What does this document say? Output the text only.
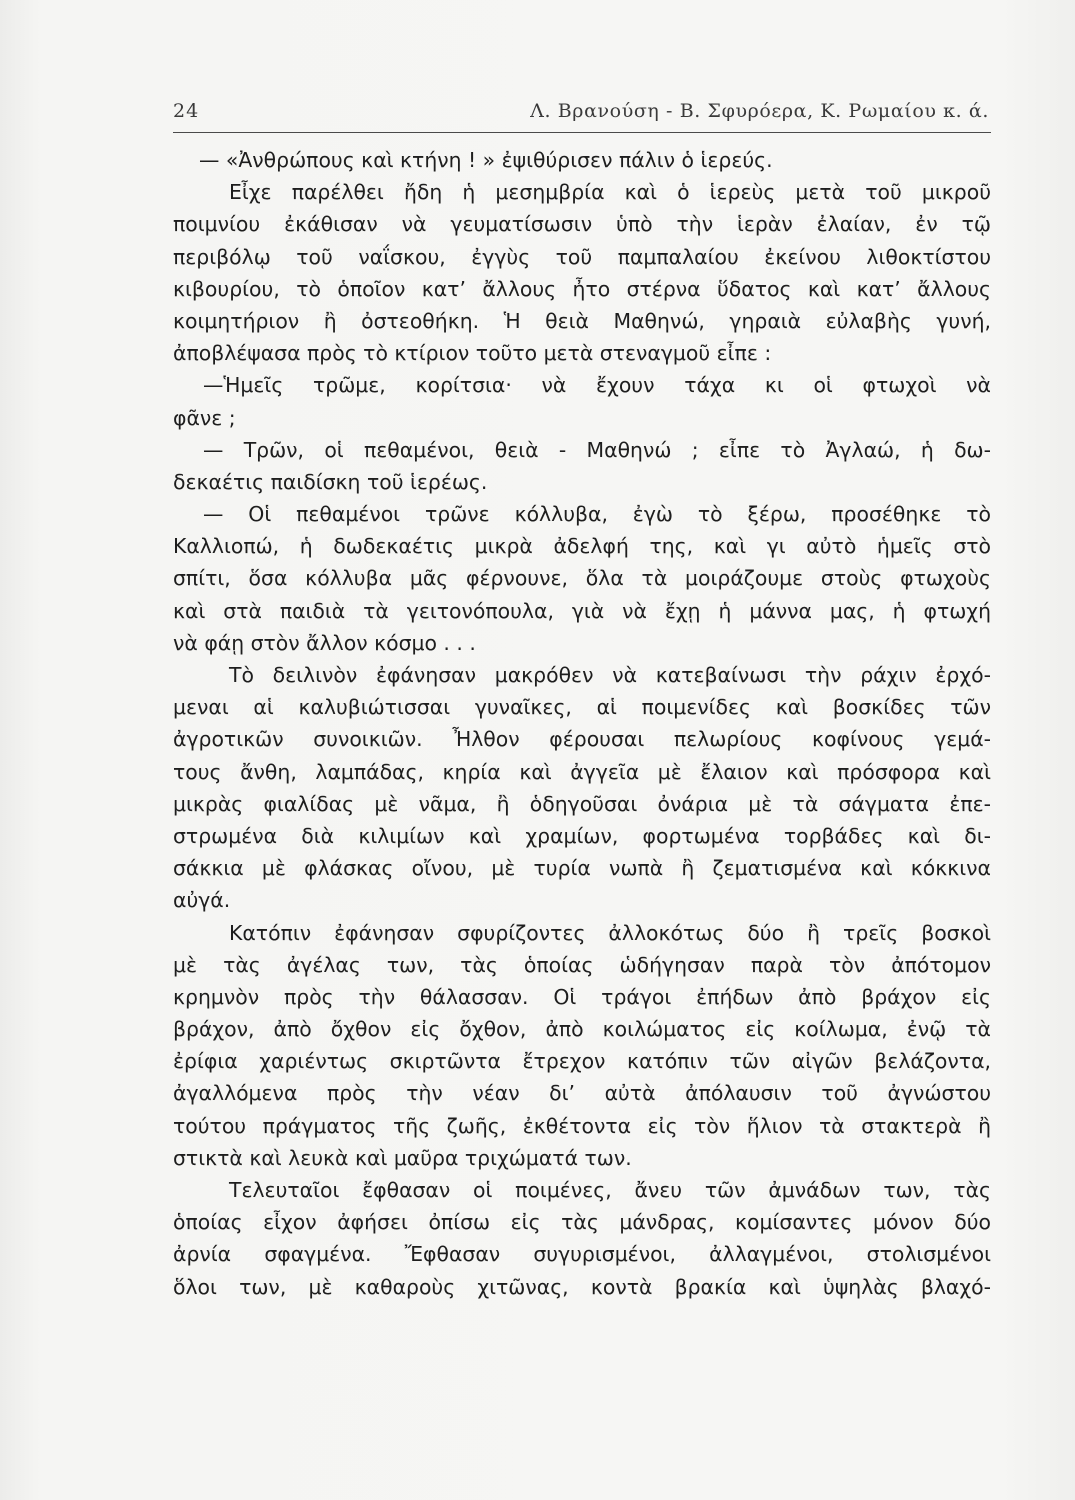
24	Λ. Βρανούση - Β. Σφυρόερα, Κ. Ρωμαίου κ. ά.
— «Ἀνθρώπους καὶ κτήνη ! » ἐψιθύρισεν πάλιν ὁ ἱερεύς.
Εἶχε παρέλθει ἤδη ἡ μεσημβρία καὶ ὁ ἱερεὺς μετὰ τοῦ μικροῦ
ποιμνίου ἐκάθισαν νὰ γευματίσωσιν ὑπὸ τὴν ἱερὰν ἐλαίαν, ἐν τῷ
περιβόλῳ τοῦ ναΐσκου, ἐγγὺς τοῦ παμπαλαίου ἐκείνου λιθοκτίστου
κιβουρίου, τὸ ὁποῖον κατ’ ἄλλους ἦτο στέρνα ὕδατος καὶ κατ’ ἄλλους
κοιμητήριον ἢ ὀστεοθήκη. Ἡ θειὰ Μαθηνώ, γηραιὰ εὐλαβὴς γυνή,
ἀποβλέψασα πρὸς τὸ κτίριον τοῦτο μετὰ στεναγμοῦ εἶπε :
—Ἡμεῖς τρῶμε, κορίτσια· νὰ ἔχουν τάχα κι οἱ φτωχοὶ νὰ
φᾶνε ;
— Τρῶν, οἱ πεθαμένοι, θειὰ - Μαθηνώ ; εἶπε τὸ Ἀγλαώ, ἡ δω-
δεκαέτις παιδίσκη τοῦ ἱερέως.
— Οἱ πεθαμένοι τρῶνε κόλλυβα, ἐγὼ τὸ ξέρω, προσέθηκε τὸ
Καλλιοπώ, ἡ δωδεκαέτις μικρὰ ἀδελφή της, καὶ γι αὐτὸ ἡμεῖς στὸ
σπίτι, ὅσα κόλλυβα μᾶς φέρνουνε, ὅλα τὰ μοιράζουμε στοὺς φτωχοὺς
καὶ στὰ παιδιὰ τὰ γειτονόπουλα, γιὰ νὰ ἔχῃ ἡ μάννα μας, ἡ φτωχή
νὰ φάῃ στὸν ἄλλον κόσμο . . .
Τὸ δειλινὸν ἐφάνησαν μακρόθεν νὰ κατεβαίνωσι τὴν ράχιν ἐρχό-
μεναι αἱ καλυβιώτισσαι γυναῖκες, αἱ ποιμενίδες καὶ βοσκίδες τῶν
ἀγροτικῶν συνοικιῶν. Ἦλθον φέρουσαι πελωρίους κοφίνους γεμά-
τους ἄνθη, λαμπάδας, κηρία καὶ ἀγγεῖα μὲ ἔλαιον καὶ πρόσφορα καὶ
μικρὰς φιαλίδας μὲ νᾶμα, ἢ ὁδηγοῦσαι ὀνάρια μὲ τὰ σάγματα ἐπε-
στρωμένα διὰ κιλιμίων καὶ χραμίων, φορτωμένα τορβάδες καὶ δι-
σάκκια μὲ φλάσκας οἴνου, μὲ τυρία νωπὰ ἢ ζεματισμένα καὶ κόκκινα
αὐγά.
Κατόπιν ἐφάνησαν σφυρίζοντες ἀλλοκότως δύο ἢ τρεῖς βοσκοὶ
μὲ τὰς ἀγέλας των, τὰς ὁποίας ὡδήγησαν παρὰ τὸν ἀπότομον
κρημνὸν πρὸς τὴν θάλασσαν. Οἱ τράγοι ἐπήδων ἀπὸ βράχον εἰς
βράχον, ἀπὸ ὄχθον εἰς ὄχθον, ἀπὸ κοιλώματος εἰς κοίλωμα, ἐνῷ τὰ
ἐρίφια χαριέντως σκιρτῶντα ἔτρεχον κατόπιν τῶν αἰγῶν βελάζοντα,
ἀγαλλόμενα πρὸς τὴν νέαν δι’ αὐτὰ ἀπόλαυσιν τοῦ ἀγνώστου
τούτου πράγματος τῆς ζωῆς, ἐκθέτοντα εἰς τὸν ἥλιον τὰ στακτερὰ ἢ
στικτὰ καὶ λευκὰ καὶ μαῦρα τριχώματά των.
Τελευταῖοι ἔφθασαν οἱ ποιμένες, ἄνευ τῶν ἀμνάδων των, τὰς
ὁποίας εἶχον ἀφήσει ὀπίσω εἰς τὰς μάνδρας, κομίσαντες μόνον δύο
ἀρνία σφαγμένα. Ἔφθασαν συγυρισμένοι, ἀλλαγμένοι, στολισμένοι
ὅλοι των, μὲ καθαροὺς χιτῶνας, κοντὰ βρακία καὶ ὑψηλὰς βλαχό-
